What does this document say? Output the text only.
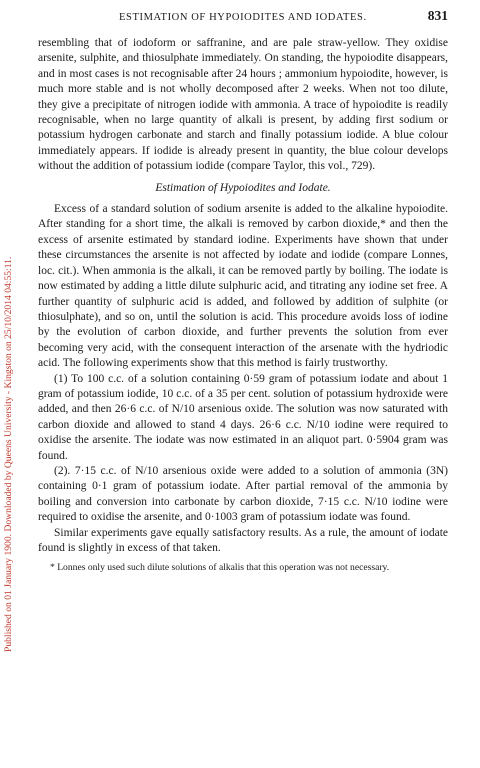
Published on 01 January 1900. Downloaded by Queens University - Kingston on 25/10/2014 04:55:11.
ESTIMATION OF HYPOIODITES AND IODATES.	831

resembling that of iodoform or saffranine, and are pale straw-yellow. They oxidise arsenite, sulphite, and thiosulphate immediately. On standing, the hypoiodite disappears, and in most cases is not recognisable after 24 hours ; ammonium hypoiodite, however, is much more stable and is not wholly decomposed after 2 weeks. When not too dilute, they give a precipitate of nitrogen iodide with ammonia. A trace of hypoiodite is readily recognisable, when no large quantity of alkali is present, by adding first sodium or potassium hydrogen carbonate and starch and finally potassium iodide. A blue colour immediately appears. If iodide is already present in quantity, the blue colour develops without the addition of potassium iodide (compare Taylor, this vol., 729).

Estimation of Hypoiodites and Iodate.

Excess of a standard solution of sodium arsenite is added to the alkaline hypoiodite. After standing for a short time, the alkali is removed by carbon dioxide,* and then the excess of arsenite estimated by standard iodine. Experiments have shown that under these circumstances the arsenite is not affected by iodate and iodide (compare Lonnes, loc. cit.). When ammonia is the alkali, it can be removed partly by boiling. The iodate is now estimated by adding a little dilute sulphuric acid, and titrating any iodine set free. A further quantity of sulphuric acid is added, and followed by addition of sulphite (or thiosulphate), and so on, until the solution is acid. This procedure avoids loss of iodine by the evolution of carbon dioxide, and further prevents the solution from ever becoming very acid, with the consequent interaction of the arsenate with the hydriodic acid. The following experiments show that this method is fairly trustworthy.

(1) To 100 c.c. of a solution containing 0·59 gram of potassium iodate and about 1 gram of potassium iodide, 10 c.c. of a 35 per cent. solution of potassium hydroxide were added, and then 26·6 c.c. of N/10 arsenious oxide. The solution was now saturated with carbon dioxide and allowed to stand 4 days. 26·6 c.c. N/10 iodine were required to oxidise the arsenite. The iodate was now estimated in an aliquot part. 0·5904 gram was found.

(2). 7·15 c.c. of N/10 arsenious oxide were added to a solution of ammonia (3N) containing 0·1 gram of potassium iodate. After partial removal of the ammonia by boiling and conversion into carbonate by carbon dioxide, 7·15 c.c. N/10 iodine were required to oxidise the arsenite, and 0·1003 gram of potassium iodate was found.

Similar experiments gave equally satisfactory results. As a rule, the amount of iodate found is slightly in excess of that taken.

* Lonnes only used such dilute solutions of alkalis that this operation was not necessary.
